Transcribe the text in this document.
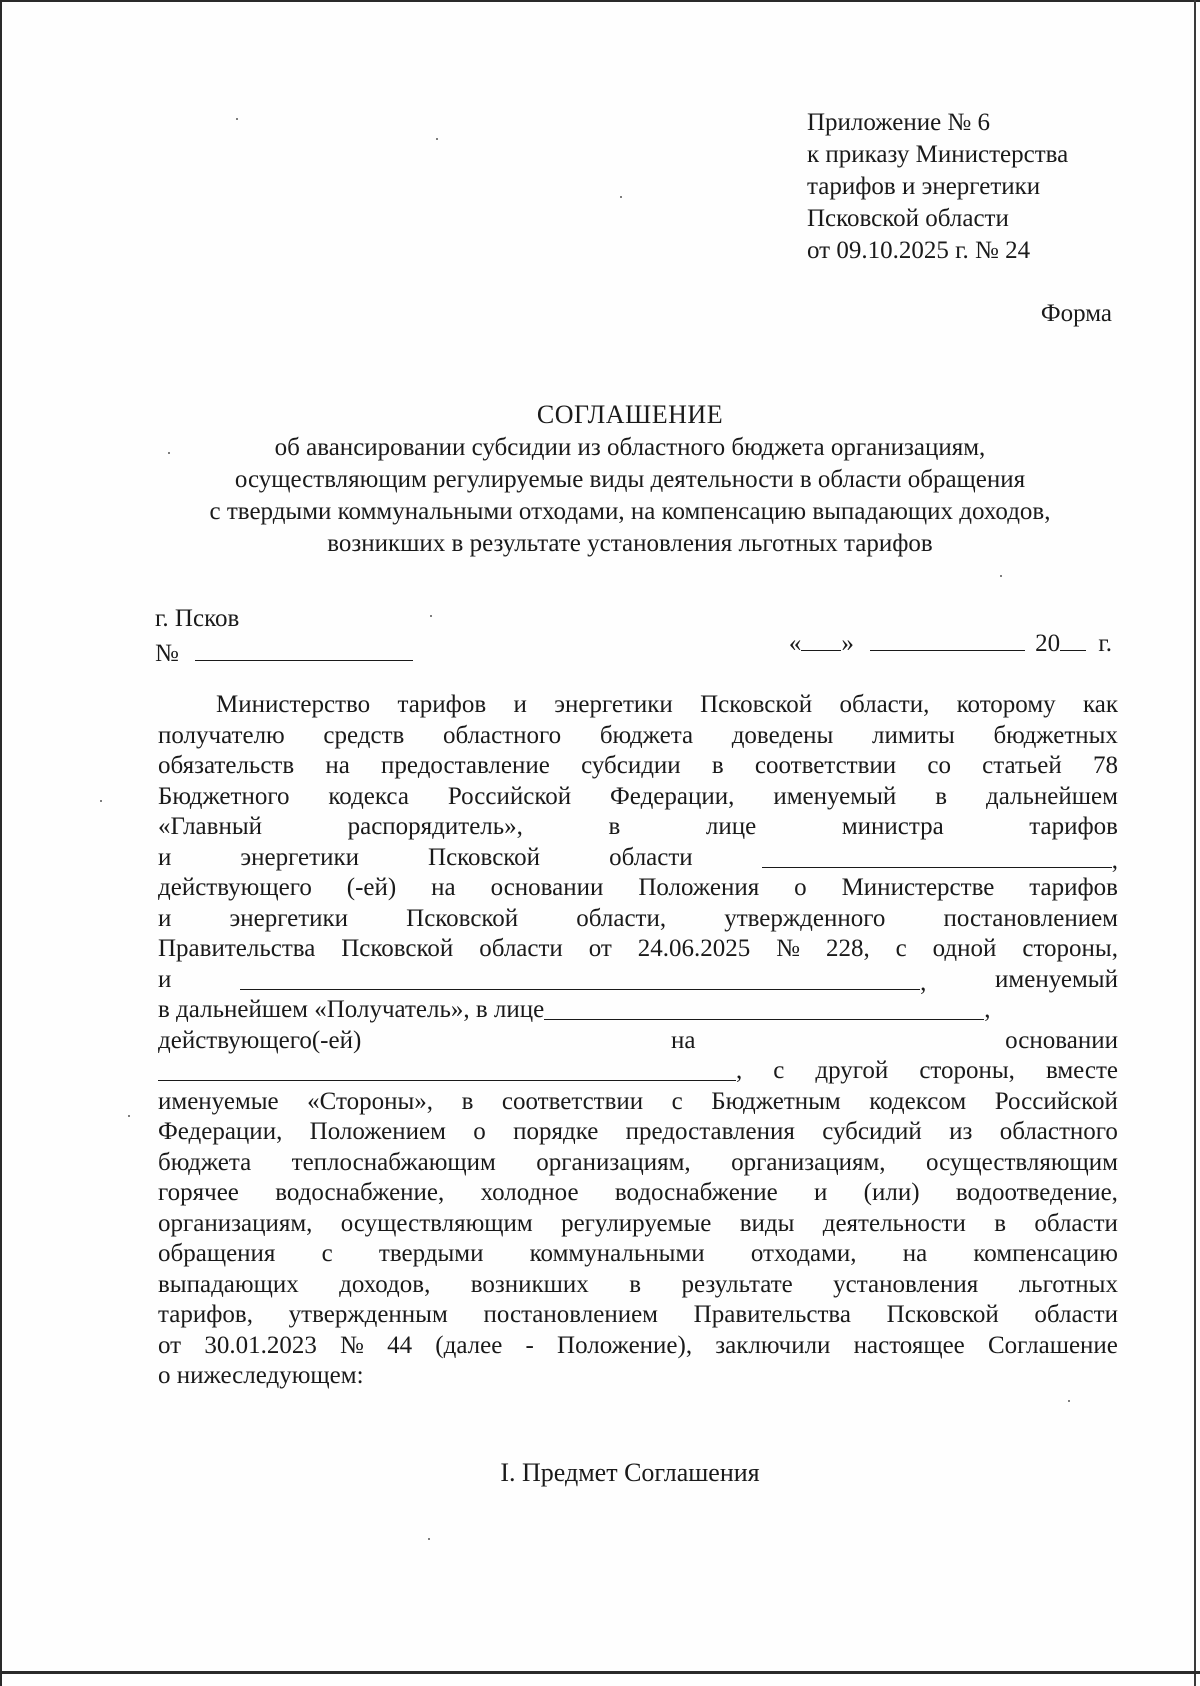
Приложение № 6
к приказу Министерства
тарифов и энергетики
Псковской области
от 09.10.2025 г. № 24
Форма
СОГЛАШЕНИЕ
об авансировании субсидии из областного бюджета организациям,
осуществляющим регулируемые виды деятельности в области обращения
с твердыми коммунальными отходами, на компенсацию выпадающих доходов,
возникших в результате установления льготных тарифов
г. Псков
№	« »	20 г.
Министерство тарифов и энергетики Псковской области, которому как
получателю средств областного бюджета доведены лимиты бюджетных
обязательств на предоставление субсидии в соответствии со статьей 78
Бюджетного кодекса Российской Федерации, именуемый в дальнейшем
«Главный	распорядитель»,	в	лице	министра	тарифов
и	энергетики	Псковской	области	,
действующего (-ей) на основании Положения о Министерстве тарифов
и энергетики Псковской области, утвержденного постановлением
Правительства Псковской области от 24.06.2025 № 228, с одной стороны,
и	,	именуемый
в дальнейшем «Получатель», в лице	,
действующего(-ей)	на	основании
, с другой стороны, вместе
именуемые «Стороны», в соответствии с Бюджетным кодексом Российской
Федерации, Положением о порядке предоставления субсидий из областного
бюджета теплоснабжающим организациям, организациям, осуществляющим
горячее водоснабжение, холодное водоснабжение и (или) водоотведение,
организациям, осуществляющим регулируемые виды деятельности в области
обращения с твердыми коммунальными отходами, на компенсацию
выпадающих доходов, возникших в результате установления льготных
тарифов, утвержденным постановлением Правительства Псковской области
от 30.01.2023 № 44 (далее - Положение), заключили настоящее Соглашение
о нижеследующем:
I. Предмет Соглашения
